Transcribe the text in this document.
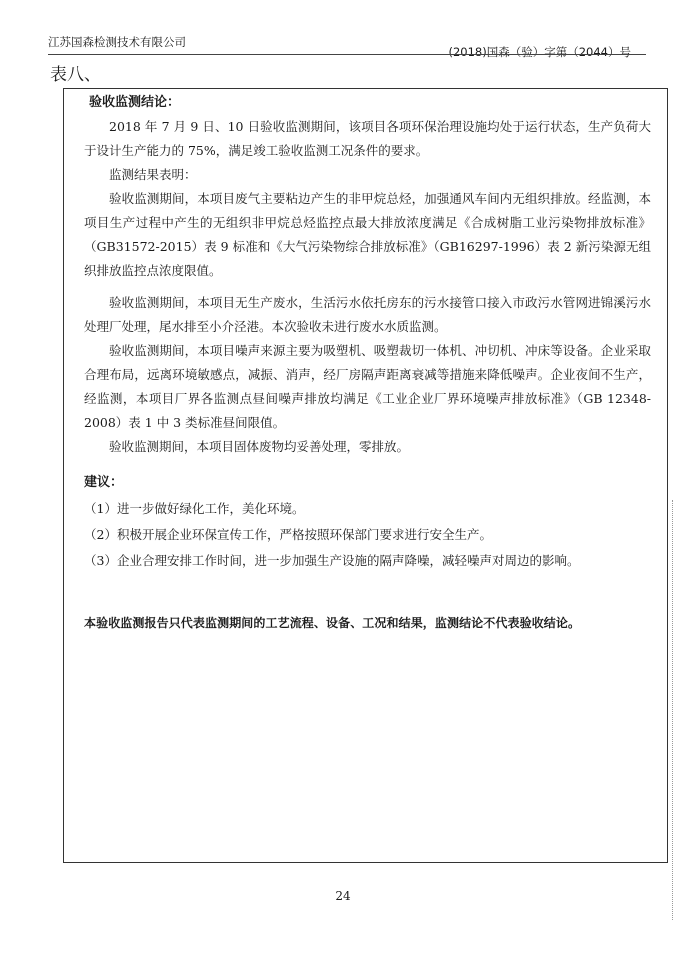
江苏国森检测技术有限公司
(2018)国森（验）字第（2044）号
表八、

验收监测结论：

2018 年 7 月 9 日、10 日验收监测期间，该项目各项环保治理设施均处于运行状态，生产负荷大于设计生产能力的 75%，满足竣工验收监测工况条件的要求。

监测结果表明：

验收监测期间，本项目废气主要粘边产生的非甲烷总烃，加强通风车间内无组织排放。经监测，本项目生产过程中产生的无组织非甲烷总烃监控点最大排放浓度满足《合成树脂工业污染物排放标准》（GB31572-2015）表 9 标准和《大气污染物综合排放标准》（GB16297-1996）表 2 新污染源无组织排放监控点浓度限值。

验收监测期间，本项目无生产废水，生活污水依托房东的污水接管口接入市政污水管网进锦溪污水处理厂处理，尾水排至小介泾港。本次验收未进行废水水质监测。

验收监测期间，本项目噪声来源主要为吸塑机、吸塑裁切一体机、冲切机、冲床等设备。企业采取合理布局，远离环境敏感点，减振、消声，经厂房隔声距离衰减等措施来降低噪声。企业夜间不生产，经监测，本项目厂界各监测点昼间噪声排放均满足《工业企业厂界环境噪声排放标准》（GB 12348-2008）表 1 中 3 类标准昼间限值。

验收监测期间，本项目固体废物均妥善处理，零排放。

建议：

（1）进一步做好绿化工作，美化环境。

（2）积极开展企业环保宣传工作，严格按照环保部门要求进行安全生产。

（3）企业合理安排工作时间，进一步加强生产设施的隔声降噪，减轻噪声对周边的影响。

本验收监测报告只代表监测期间的工艺流程、设备、工况和结果，监测结论不代表验收结论。

24
